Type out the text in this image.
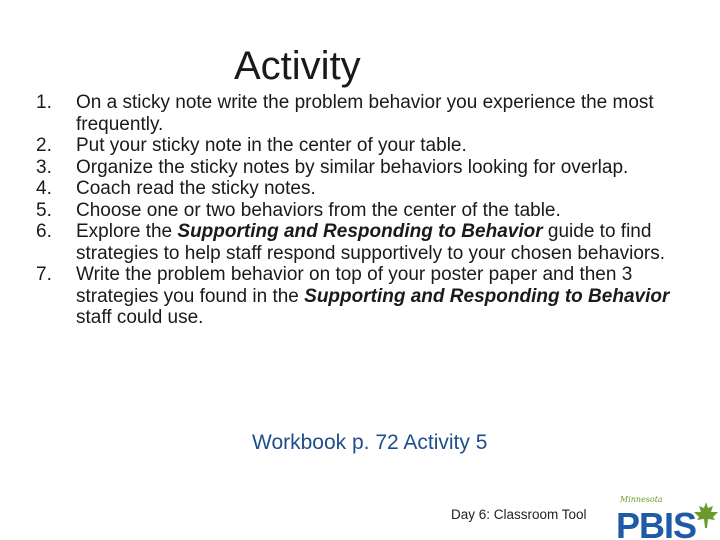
Activity
1. On a sticky note write the problem behavior you experience the most frequently.
2. Put your sticky note in the center of your table.
3. Organize the sticky notes by similar behaviors looking for overlap.
4. Coach read the sticky notes.
5. Choose one or two behaviors from the center of the table.
6. Explore the Supporting and Responding to Behavior guide to find strategies to help staff respond supportively to your chosen behaviors.
7. Write the problem behavior on top of your poster paper and then 3 strategies you found in the Supporting and Responding to Behavior staff could use.
Workbook p. 72 Activity 5
Day 6: Classroom Tool
Minnesota
PBIS
